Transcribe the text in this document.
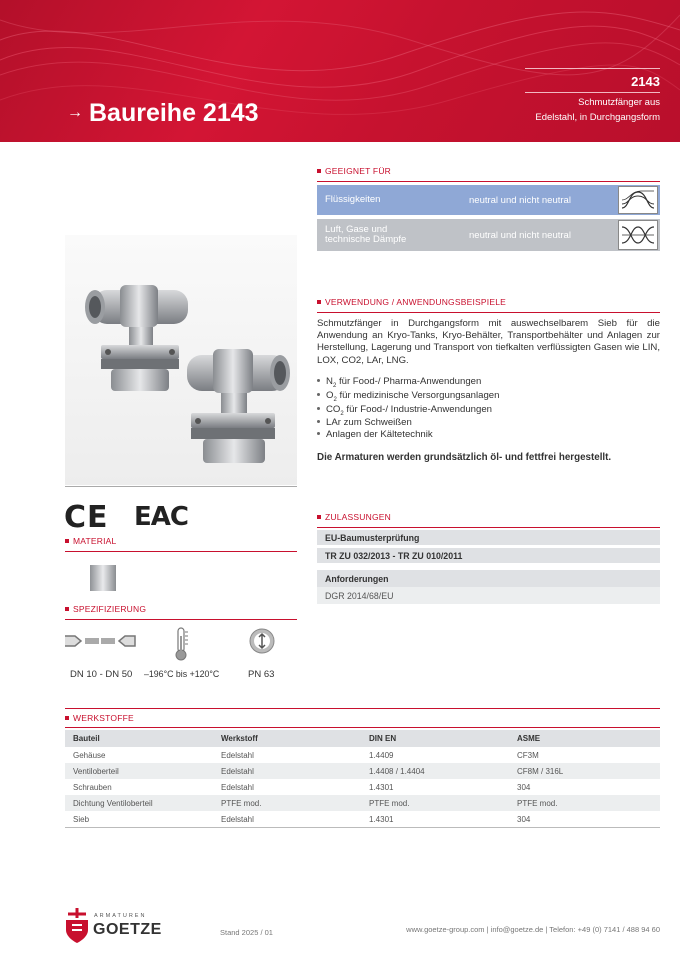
→ Baureihe 2143
2143
Schmutzfänger aus
Edelstahl, in Durchgangsform
GEEIGNET FÜR
Flüssigkeiten	neutral und nicht neutral
Luft, Gase und
technische Dämpfe	neutral und nicht neutral
VERWENDUNG / ANWENDUNGSBEISPIELE

Schmutzfänger in Durchgangsform mit auswechselbarem Sieb für die Anwendung an Kryo-Tanks, Kryo-Behälter, Transportbehälter und Anlagen zur Herstellung, Lagerung und Transport von tiefkalten verflüssigten Gasen wie LIN, LOX, CO2, LAr, LNG.

$N_2$ für Food-/ Pharma-Anwendungen
$O_2$ für medizinische Versorgungsanlagen
$CO_2$ für Food-/ Industrie-Anwendungen
LAr zum Schweißen
Anlagen der Kältetechnik
Die Armaturen werden grundsätzlich öl- und fettfrei hergestellt.
CE EAC
MATERIAL
SPEZIFIZIERUNG
DN 10 - DN 50 –196°C bis +120°C	PN 63
ZULASSUNGEN
EU-Baumusterprüfung
TR ZU 032/2013 - TR ZU 010/2011
Anforderungen
DGR 2014/68/EU
WERKSTOFFE
Bauteil	Werkstoff	DIN EN	ASME
Gehäuse	Edelstahl	1.4409	CF3M
Ventiloberteil	Edelstahl	1.4408 / 1.4404	CF8M / 316L
Schrauben	Edelstahl	1.4301	304
Dichtung Ventiloberteil	PTFE mod.	PTFE mod.	PTFE mod.
Sieb	Edelstahl	1.4301	304
ARMATUREN
GOETZE	Stand 2025 / 01	www.goetze-group.com | info@goetze.de | Telefon: +49 (0) 7141 / 488 94 60
